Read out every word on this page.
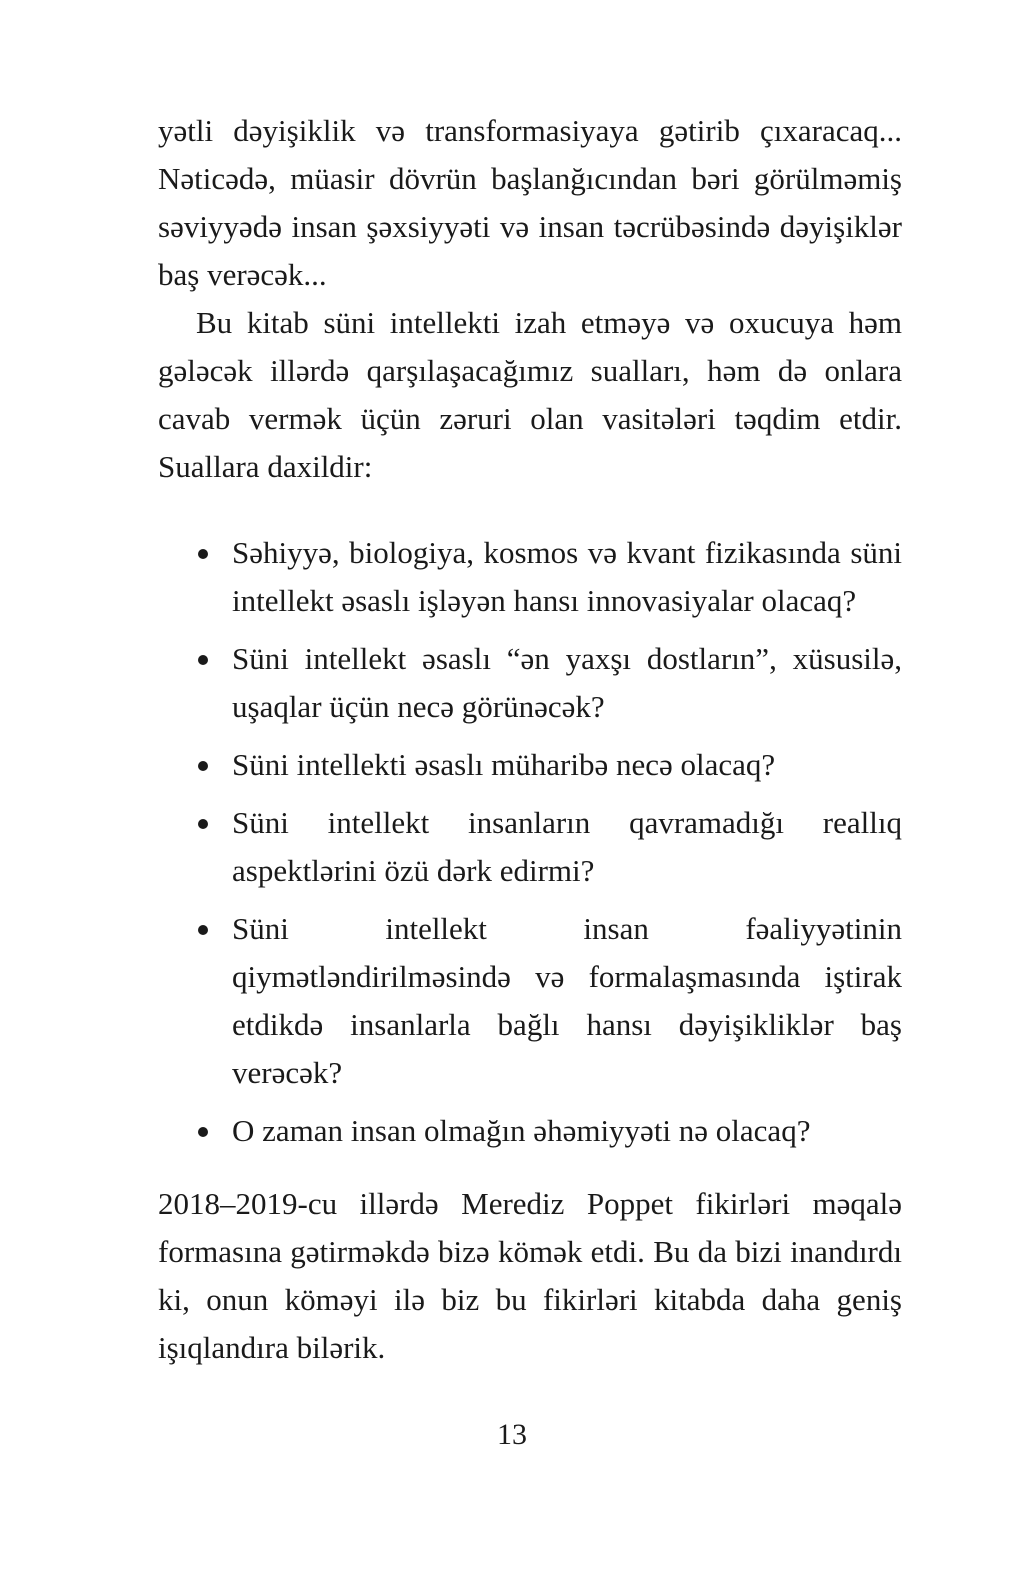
yətli dəyişiklik və transformasiyaya gətirib çıxaracaq... Nəticədə, müasir dövrün başlanğıcından bəri görülməmiş səviyyədə insan şəxsiyyəti və insan təcrübəsində dəyişiklər baş verəcək...

Bu kitab süni intellekti izah etməyə və oxucuya həm gələcək illərdə qarşılaşacağımız sualları, həm də onlara cavab vermək üçün zəruri olan vasitələri təqdim etdir. Suallara daxildir:

Səhiyyə, biologiya, kosmos və kvant fizikasında süni intellekt əsaslı işləyən hansı innovasiyalar olacaq?
Süni intellekt əsaslı “ən yaxşı dostların”, xüsusilə, uşaqlar üçün necə görünəcək?
Süni intellekti əsaslı müharibə necə olacaq?
Süni intellekt insanların qavramadığı reallıq aspektlərini özü dərk edirmi?
Süni intellekt insan fəaliyyətinin qiymətləndirilməsində və formalaşmasında iştirak etdikdə insanlarla bağlı hansı dəyişikliklər baş verəcək?
O zaman insan olmağın əhəmiyyəti nə olacaq?

2018–2019-cu illərdə Merediz Poppet fikirləri məqalə formasına gətirməkdə bizə kömək etdi. Bu da bizi inandırdı ki, onun köməyi ilə biz bu fikirləri kitabda daha geniş işıqlandıra bilərik.

13
